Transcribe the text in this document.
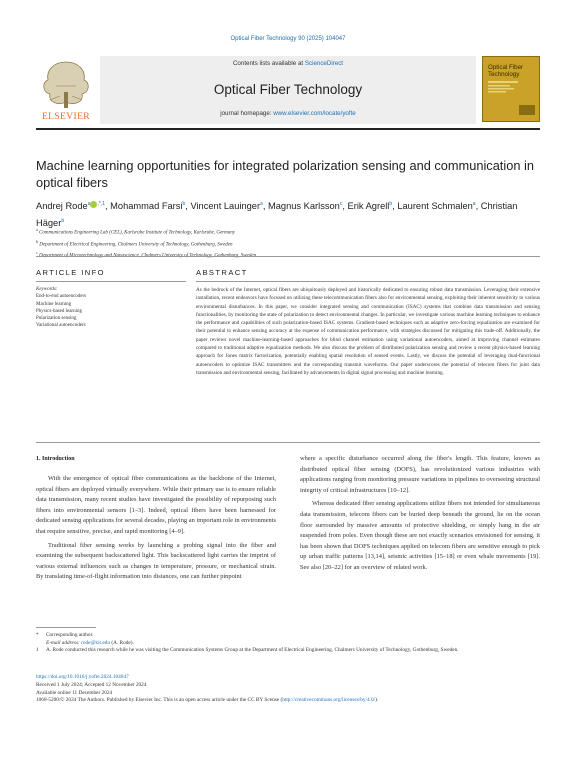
Optical Fiber Technology 90 (2025) 104047
ELSEVIER
Contents lists available at ScienceDirect
Optical Fiber Technology
journal homepage: www.elsevier.com/locate/yofte
Optical Fiber
Technology
Machine learning opportunities for integrated polarization sensing and communication in optical fibers
Andrej Rode$^a$ $^{,*,1}$, Mohammad Farsi$^b$, Vincent Lauinger$^a$, Magnus Karlsson$^c$, Erik Agrell$^b$, Laurent Schmalen$^a$, Christian Häger$^b$
$^a$ Communications Engineering Lab (CEL), Karlsruhe Institute of Technology, Karlsruhe, Germany
$^b$ Department of Electrical Engineering, Chalmers University of Technology, Gothenburg, Sweden
$^c$
ARTICLE INFO	ABSTRACT
Keywords:
End-to-end autoencoders
Machine learning
Physics-based learning
Polarization sensing
Variational autoencoders
As the bedrock of the Internet, optical fibers are ubiquitously deployed and historically dedicated to ensuring robust data transmission. Leveraging their extensive installation, recent endeavors have focused on utilizing these telecommunication fibers also for environmental sensing, exploiting their inherent sensitivity to various environmental disturbances. In this paper, we consider integrated sensing and communication (ISAC) systems that combine data transmission and sensing functionalities, by monitoring the state of polarization to detect environmental changes. In particular, we investigate various machine learning techniques to enhance the performance and capabilities of such polarization-based ISAC systems. Gradient-based techniques such as adaptive zero-forcing equalization are examined for their potential to enhance sensing accuracy at the expense of communication performance, with strategies discussed for mitigating this trade-off. Additionally, the paper reviews novel machine-learning-based approaches for blind channel estimation using variational autoencoders, aimed at improving channel estimates compared to traditional adaptive equalization methods. We also discuss the problem of distributed polarization sensing and review a recent physics-based learning approach for Jones matrix factorization, potentially enabling spatial resolution of sensed events. Lastly, we discuss the potential of leveraging dual-functional autoencoders to optimize ISAC transmitters and the corresponding transmit waveforms. Our paper underscores the potential of telecom fibers for joint data transmission and environmental sensing, facilitated by advancements in digital signal processing and machine learning.
1. Introduction

With the emergence of optical fiber communications as the backbone of the Internet, optical fibers are deployed virtually everywhere. While their primary use is to ensure reliable data transmission, many recent studies have investigated the possibility of repurposing such fibers into environmental sensors [1–3]. Indeed, optical fibers have been harnessed for dedicated sensing applications for several decades, playing an important role in environments that require sensitive, precise, and rapid monitoring [4–9].

Traditional fiber sensing works by launching a probing signal into the fiber and examining the subsequent backscattered light. This backscattered light carries the imprint of various external influences such as changes in temperature, pressure, or mechanical strain. By translating time-of-flight information into distances, one can further pinpoint

where a specific disturbance occurred along the fiber's length. This feature, known as distributed optical fiber sensing (DOFS), has revolutionized various industries with applications ranging from monitoring pressure variations in pipelines to overseeing structural integrity of critical infrastructures [10–12].

Whereas dedicated fiber sensing applications utilize fibers not intended for simultaneous data transmission, telecom fibers can be buried deep beneath the ground, lie on the ocean floor surrounded by massive amounts of protective shielding, or simply hang in the air suspended from poles. Even though these are not exactly scenarios envisioned for sensing, it has been shown that DOFS techniques applied on telecom fibers are sensitive enough to pick up urban traffic patterns [13,14], seismic activities [15–18] or even whale movements [19]. See also [20–22] for an overview of related work.

* Corresponding author.
E-mail address: rode@kit.edu (A. Rode).
1 A. Rode conducted this research while he was visiting the Communication Systems Group at the Department of Electrical Engineering, Chalmers University of Technology, Gothenburg, Sweden.
https://doi.org/10.1016/j.yofte.2024.104047
Received 1 July 2024; Accepted 12 November 2024
Available online 11 December 2024
1068-5200/© 2024 The Authors. Published by Elsevier Inc. This is an open access article under the CC BY license (http://creativecommons.org/licenses/by/4.0/).
